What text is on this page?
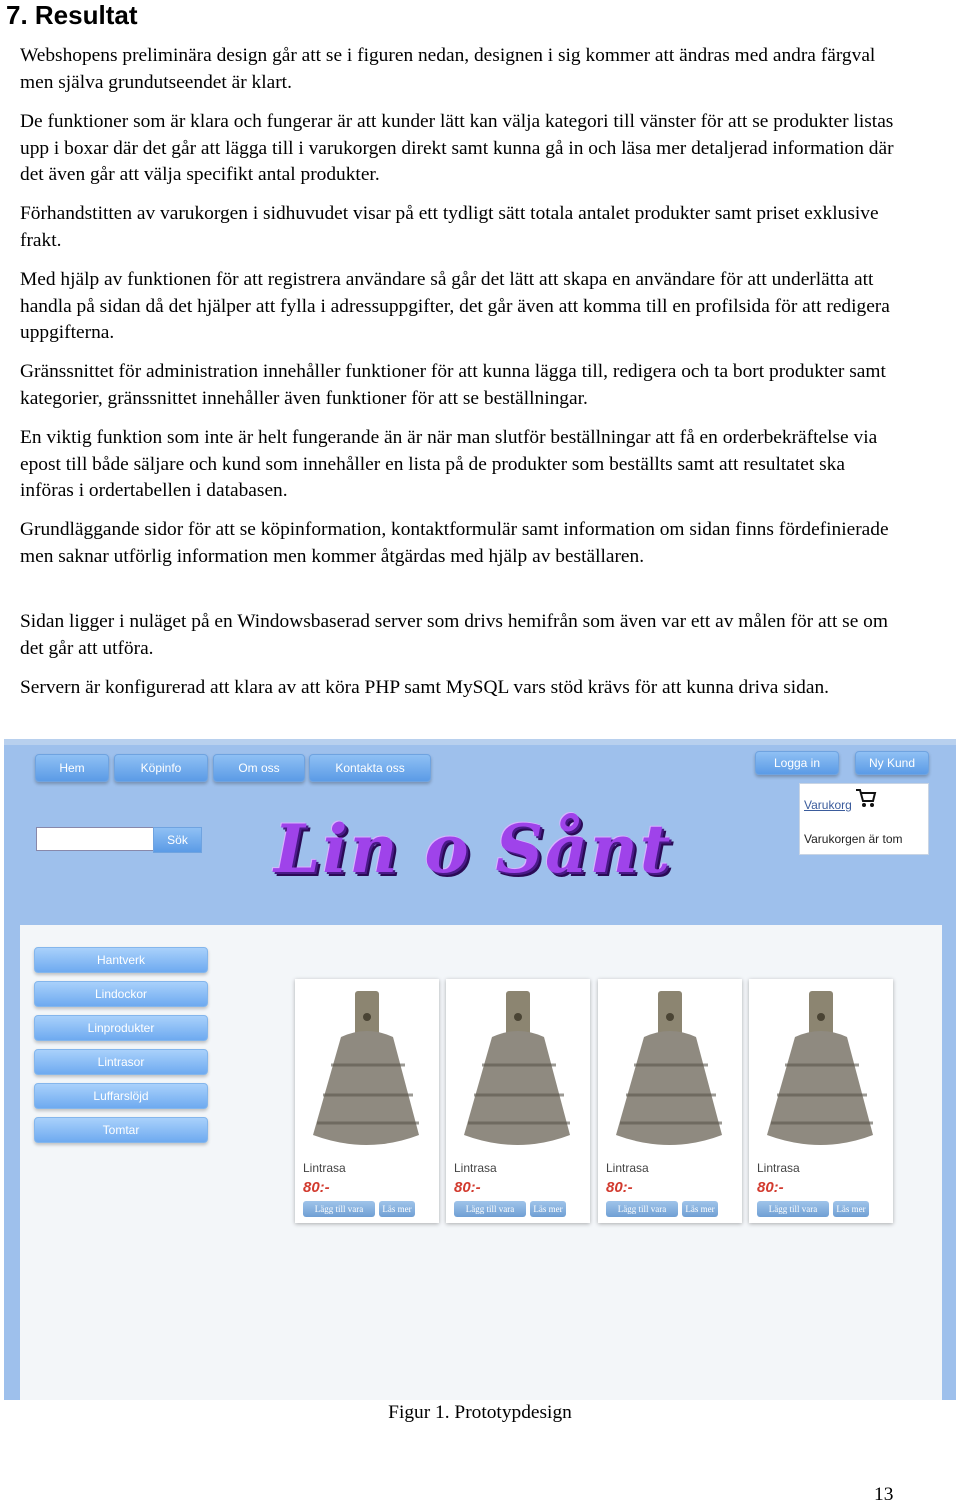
7. Resultat

Webshopens preliminära design går att se i figuren nedan, designen i sig kommer att ändras med andra färgval men själva grundutseendet är klart.

De funktioner som är klara och fungerar är att kunder lätt kan välja kategori till vänster för att se produkter listas upp i boxar där det går att lägga till i varukorgen direkt samt kunna gå in och läsa mer detaljerad information där det även går att välja specifikt antal produkter.

Förhandstitten av varukorgen i sidhuvudet visar på ett tydligt sätt totala antalet produkter samt priset exklusive frakt.

Med hjälp av funktionen för att registrera användare så går det lätt att skapa en användare för att underlätta att handla på sidan då det hjälper att fylla i adressuppgifter, det går även att komma till en profilsida för att redigera uppgifterna.

Gränssnittet för administration innehåller funktioner för att kunna lägga till, redigera och ta bort produkter samt kategorier, gränssnittet innehåller även funktioner för att se beställningar.

En viktig funktion som inte är helt fungerande än är när man slutför beställningar att få en orderbekräftelse via epost till både säljare och kund som innehåller en lista på de produkter som beställts samt att resultatet ska införas i ordertabellen i databasen.

Grundläggande sidor för att se köpinformation, kontaktformulär samt information om sidan finns fördefinierade men saknar utförlig information men kommer åtgärdas med hjälp av beställaren.

Sidan ligger i nuläget på en Windowsbaserad server som drivs hemifrån som även var ett av målen för att se om det går att utföra.

Servern är konfigurerad att klara av att köra PHP samt MySQL vars stöd krävs för att kunna driva sidan.

Hem	Köpinfo	Om oss	Kontakta oss	Logga in	Ny Kund
Sök Lin o Sånt
Varukorg
Varukorgen är tom
Hantverk
Lindockor
Linprodukter
Lintrasor
Luffarslöjd
Tomtar
Lintrasa
80:-
Lägg till vara	Läs mer
Lintrasa
80:-
Lägg till vara	Läs mer
Lintrasa
80:-
Lägg till vara	Läs mer
Lintrasa
80:-
Lägg till vara	Läs mer
Figur 1. Prototypdesign
13
